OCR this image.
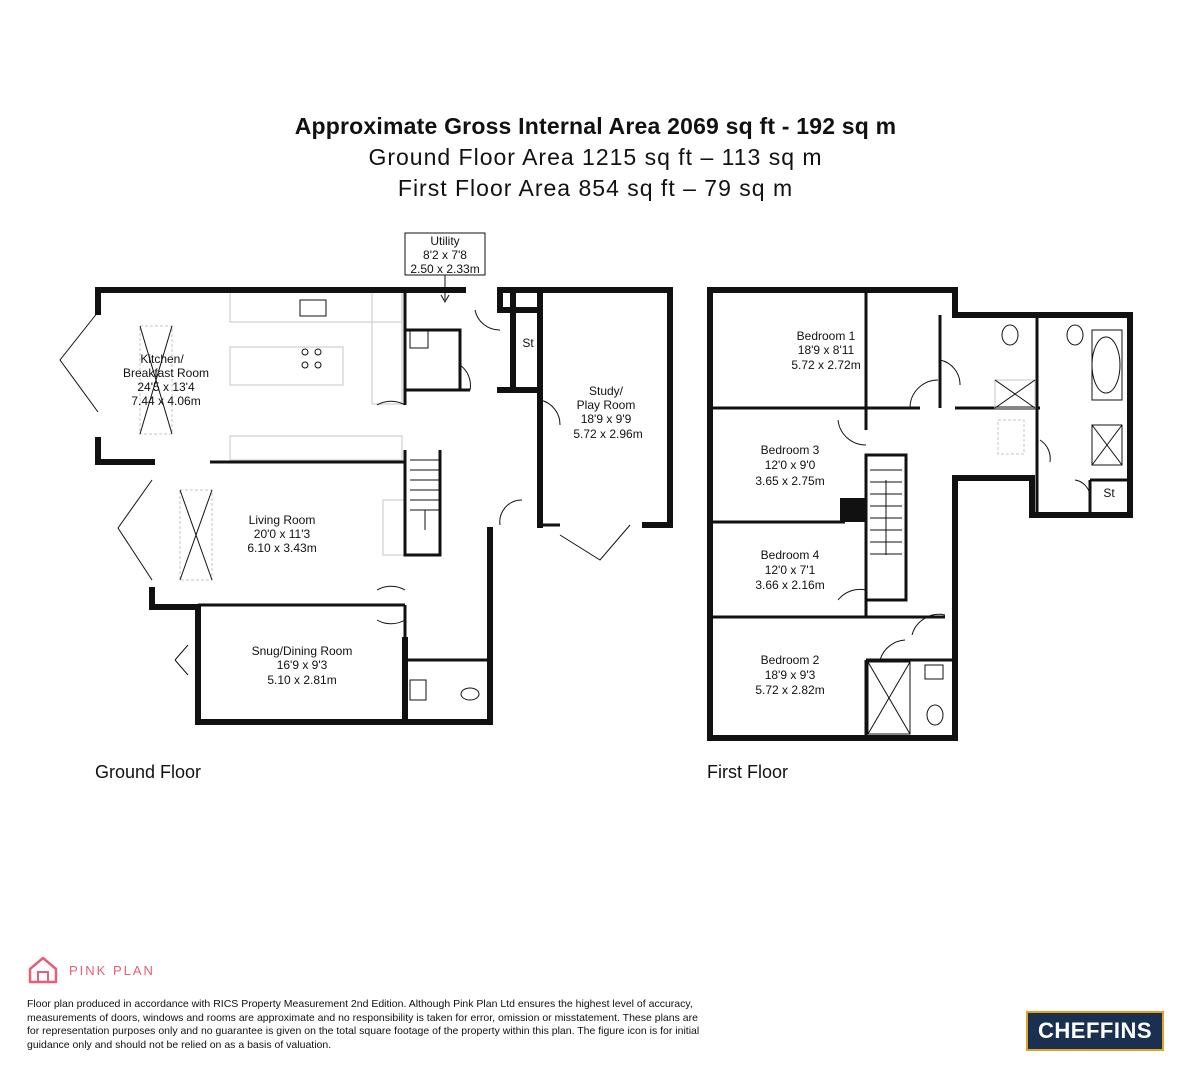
Approximate Gross Internal Area 2069 sq ft - 192 sq m
Ground Floor Area 1215 sq ft – 113 sq m
First Floor Area 854 sq ft – 79 sq m
Kitchen/
Breakfast Room
24'5 x 13'4
7.44 x 4.06m
Living Room
20'0 x 11'3
6.10 x 3.43m
Snug/Dining Room
16'9 x 9'3
5.10 x 2.81m
Study/
Play Room
18'9 x 9'9
5.72 x 2.96m
St
Utility
8'2 x 7'8
2.50 x 2.33m
Bedroom 1
18'9 x 8'11
5.72 x 2.72m
Bedroom 3
12'0 x 9'0
3.65 x 2.75m
Bedroom 4
12'0 x 7'1
3.66 x 2.16m
Bedroom 2
18'9 x 9'3
5.72 x 2.82m
St
Ground Floor	First Floor
PINK PLAN
Floor plan produced in accordance with RICS Property Measurement 2nd Edition. Although Pink Plan Ltd ensures the highest level of accuracy, measurements of doors, windows and rooms are approximate and no responsibility is taken for error, omission or misstatement. These plans are for representation purposes only and no guarantee is given on the total square footage of the property within this plan. The figure icon is for initial guidance only and should not be relied on as a basis of valuation.
CHEFFINS
